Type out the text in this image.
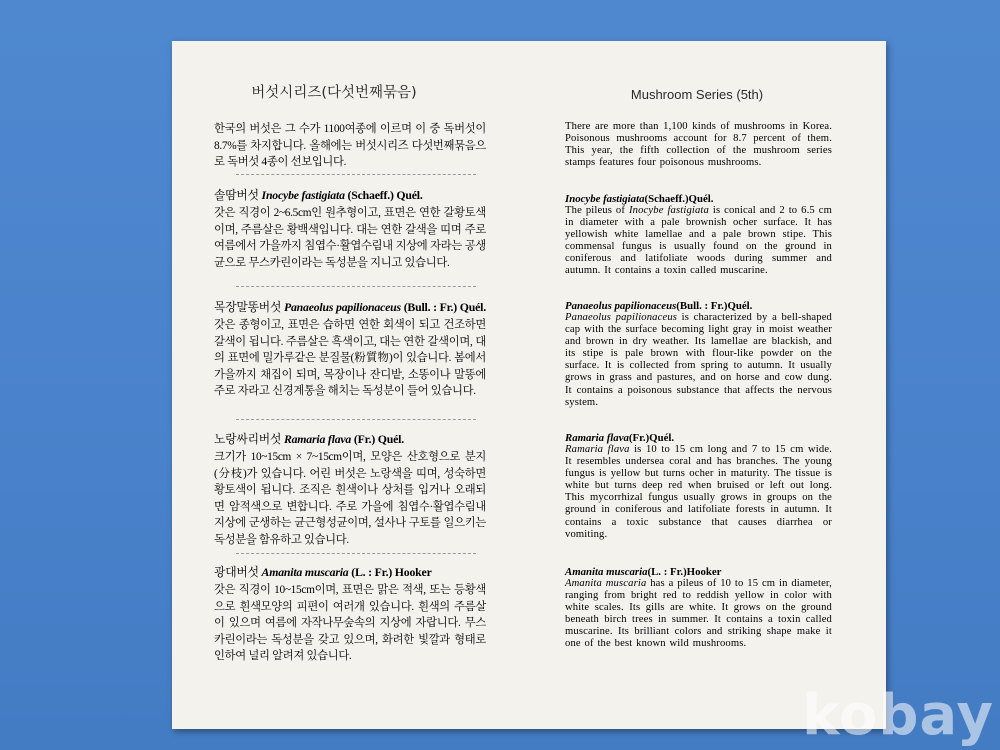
버섯시리즈(다섯번째묶음)	Mushroom Series (5th)

한국의 버섯은 그 수가 1100여종에 이르며 이 중 독버섯이 8.7%를 차지합니다. 올해에는 버섯시리즈 다섯번째묶음으로 독버섯 4종이 선보입니다.

솔땀버섯 Inocybe fastigiata (Schaeff.) Quél.

갓은 직경이 2~6.5cm인 원추형이고, 표면은 연한 갈황토색이며, 주름살은 황백색입니다. 대는 연한 갈색을 띠며 주로 여름에서 가을까지 침엽수·활엽수림내 지상에 자라는 공생균으로 무스카린이라는 독성분을 지니고 있습니다.

목장말똥버섯 Panaeolus papilionaceus (Bull. : Fr.) Quél.

갓은 종형이고, 표면은 습하면 연한 회색이 되고 건조하면 갈색이 됩니다. 주름살은 흑색이고, 대는 연한 갈색이며, 대의 표면에 밀가루같은 분질물(粉質物)이 있습니다. 봄에서 가을까지 채집이 되며, 목장이나 잔디밭, 소똥이나 말똥에 주로 자라고 신경계통을 해치는 독성분이 들어 있습니다.

노랑싸리버섯 Ramaria flava (Fr.) Quél.

크기가 10~15cm × 7~15cm이며, 모양은 산호형으로 분지(分枝)가 있습니다. 어린 버섯은 노랑색을 띠며, 성숙하면 황토색이 됩니다. 조직은 흰색이나 상처를 입거나 오래되면 암적색으로 변합니다. 주로 가을에 침엽수·활엽수림내 지상에 군생하는 균근형성균이며, 설사나 구토를 일으키는 독성분을 함유하고 있습니다.

광대버섯 Amanita muscaria (L. : Fr.) Hooker

갓은 직경이 10~15cm이며, 표면은 맑은 적색, 또는 등황색으로 흰색모양의 피편이 여러개 있습니다. 흰색의 주름살이 있으며 여름에 자작나무숲속의 지상에 자랍니다. 무스카린이라는 독성분을 갖고 있으며, 화려한 빛깔과 형태로 인하여 널리 알려져 있습니다.

There are more than 1,100 kinds of mushrooms in Korea. Poisonous mushrooms account for 8.7 percent of them. This year, the fifth collection of the mushroom series stamps features four poisonous mushrooms.

Inocybe fastigiata(Schaeff.)Quél.

The pileus of Inocybe fastigiata is conical and 2 to 6.5 cm in diameter with a pale brownish ocher surface. It has yellowish white lamellae and a pale brown stipe. This commensal fungus is usually found on the ground in coniferous and latifoliate woods during summer and autumn. It contains a toxin called muscarine.

Panaeolus papilionaceus(Bull. : Fr.)Quél.

Panaeolus papilionaceus is characterized by a bell-shaped cap with the surface becoming light gray in moist weather and brown in dry weather. Its lamellae are blackish, and its stipe is pale brown with flour-like powder on the surface. It is collected from spring to autumn. It usually grows in grass and pastures, and on horse and cow dung. It contains a poisonous substance that affects the nervous system.

Ramaria flava(Fr.)Quél.

Ramaria flava is 10 to 15 cm long and 7 to 15 cm wide. It resembles undersea coral and has branches. The young fungus is yellow but turns ocher in maturity. The tissue is white but turns deep red when bruised or left out long. This mycorrhizal fungus usually grows in groups on the ground in coniferous and latifoliate forests in autumn. It contains a toxic substance that causes diarrhea or vomiting.

Amanita muscaria(L. : Fr.)Hooker

Amanita muscaria has a pileus of 10 to 15 cm in diameter, ranging from bright red to reddish yellow in color with white scales. Its gills are white. It grows on the ground beneath birch trees in summer. It contains a toxin called muscarine. Its brilliant colors and striking shape make it one of the best known wild mushrooms.

kobay
